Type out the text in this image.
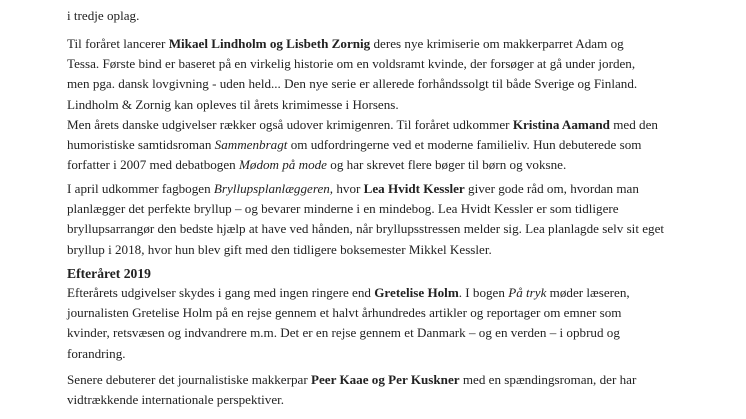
i tredje oplag.
Til foråret lancerer Mikael Lindholm og Lisbeth Zornig deres nye krimiserie om makkerparret Adam og
Tessa. Første bind er baseret på en virkelig historie om en voldsramt kvinde, der forsøger at gå under jorden,
men pga. dansk lovgivning - uden held... Den nye serie er allerede forhåndssolgt til både Sverige og Finland.
Lindholm & Zornig kan opleves til årets krimimesse i Horsens.
Men årets danske udgivelser rækker også udover krimigenren. Til foråret udkommer Kristina Aamand med den
humoristiske samtidsroman Sammenbragt om udfordringerne ved et moderne familieliv. Hun debuterede som
forfatter i 2007 med debatbogen Mødom på mode og har skrevet flere bøger til børn og voksne.
I april udkommer fagbogen Bryllupsplanlæggeren, hvor Lea Hvidt Kessler giver gode råd om, hvordan man
planlægger det perfekte bryllup – og bevarer minderne i en mindebog. Lea Hvidt Kessler er som tidligere
bryllupsarrangør den bedste hjælp at have ved hånden, når bryllupsstressen melder sig. Lea planlagde selv sit eget
bryllup i 2018, hvor hun blev gift med den tidligere boksemester Mikkel Kessler.
Efteråret 2019
Efterårets udgivelser skydes i gang med ingen ringere end Gretelise Holm. I bogen På tryk møder læseren,
journalisten Gretelise Holm på en rejse gennem et halvt århundredes artikler og reportager om emner som
kvinder, retsvæsen og indvandrere m.m. Det er en rejse gennem et Danmark – og en verden – i opbrud og
forandring.
Senere debuterer det journalistiske makkerpar Peer Kaae og Per Kuskner med en spændingsroman, der har
vidtrækkende internationale perspektiver.
